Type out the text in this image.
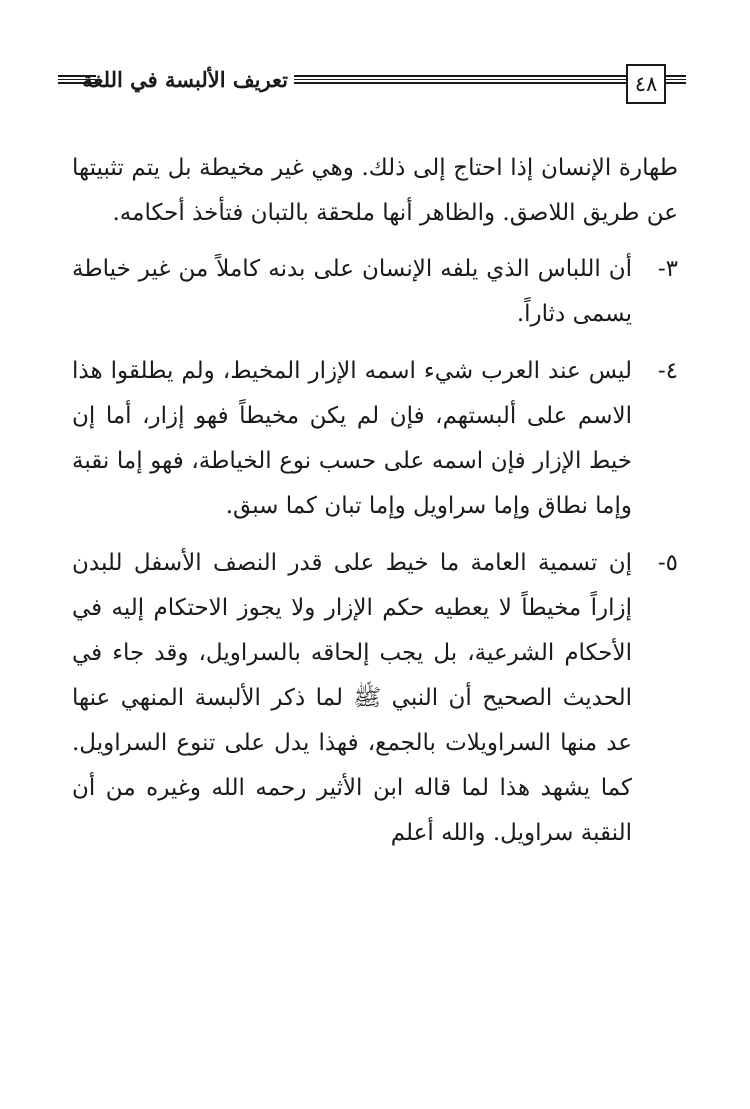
تعريف الألبسة في اللغة	٤٨

طهارة الإنسان إذا احتاج إلى ذلك. وهي غير مخيطة بل يتم تثبيتها عن طريق اللاصق. والظاهر أنها ملحقة بالتبان فتأخذ أحكامه.

٣-
أن اللباس الذي يلفه الإنسان على بدنه كاملاً من غير خياطة يسمى دثاراً.
٤-
ليس عند العرب شيء اسمه الإزار المخيط، ولم يطلقوا هذا الاسم على ألبستهم، فإن لم يكن مخيطاً فهو إزار، أما إن خيط الإزار فإن اسمه على حسب نوع الخياطة، فهو إما نقبة وإما نطاق وإما سراويل وإما تبان كما سبق.
٥-
إن تسمية العامة ما خيط على قدر النصف الأسفل للبدن إزاراً مخيطاً لا يعطيه حكم الإزار ولا يجوز الاحتكام إليه في الأحكام الشرعية، بل يجب إلحاقه بالسراويل، وقد جاء في الحديث الصحيح أن النبي ﷺ لما ذكر الألبسة المنهي عنها عد منها السراويلات بالجمع، فهذا يدل على تنوع السراويل. كما يشهد هذا لما قاله ابن الأثير رحمه الله وغيره من أن النقبة سراويل. والله أعلم
